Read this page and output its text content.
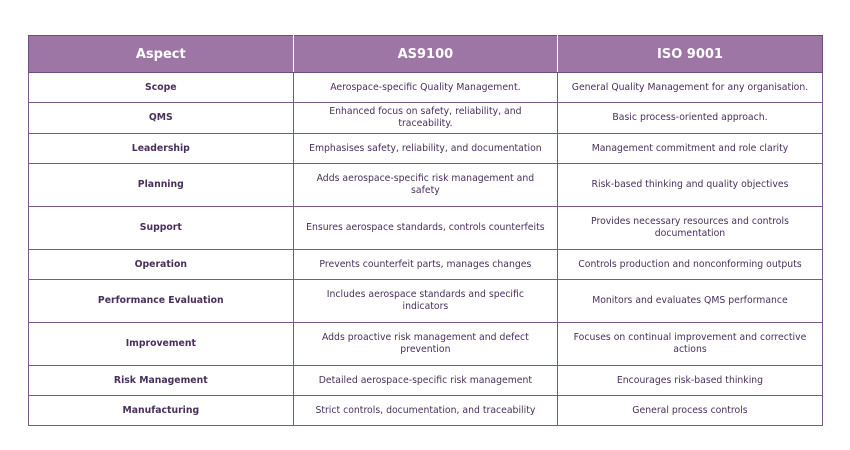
Aspect	AS9100	ISO 9001
Scope	Aerospace-specific Quality Management.	General Quality Management for any organisation.
QMS	Enhanced focus on safety, reliability, and traceability.	Basic process-oriented approach.
Leadership	Emphasises safety, reliability, and documentation	Management commitment and role clarity
Planning	Adds aerospace-specific risk management and safety	Risk-based thinking and quality objectives
Support	Ensures aerospace standards, controls counterfeits	Provides necessary resources and controls documentation
Operation	Prevents counterfeit parts, manages changes	Controls production and nonconforming outputs
Performance Evaluation	Includes aerospace standards and specific indicators	Monitors and evaluates QMS performance
Improvement	Adds proactive risk management and defect prevention	Focuses on continual improvement and corrective actions
Risk Management	Detailed aerospace-specific risk management	Encourages risk-based thinking
Manufacturing	Strict controls, documentation, and traceability	General process controls
